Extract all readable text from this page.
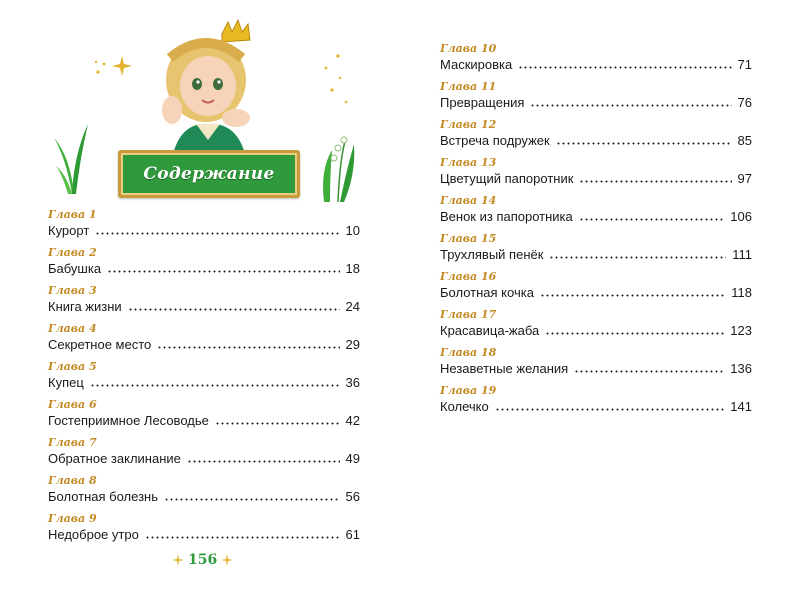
Содержание
Глава 1
Курорт	10
Глава 2
Бабушка	18
Глава 3
Книга жизни	24
Глава 4
Секретное место	29
Глава 5
Купец	36
Глава 6
Гостеприимное Лесоводье	42
Глава 7
Обратное заклинание	49
Глава 8
Болотная болезнь	56
Глава 9
Недоброе утро	61
Глава 10
Маскировка	71
Глава 11
Превращения	76
Глава 12
Встреча подружек	85
Глава 13
Цветущий папоротник	97
Глава 14
Венок из папоротника	106
Глава 15
Трухлявый пенёк	111
Глава 16
Болотная кочка	118
Глава 17
Красавица-жаба	123
Глава 18
Незаветные желания	136
Глава 19
Колечко	141
156
